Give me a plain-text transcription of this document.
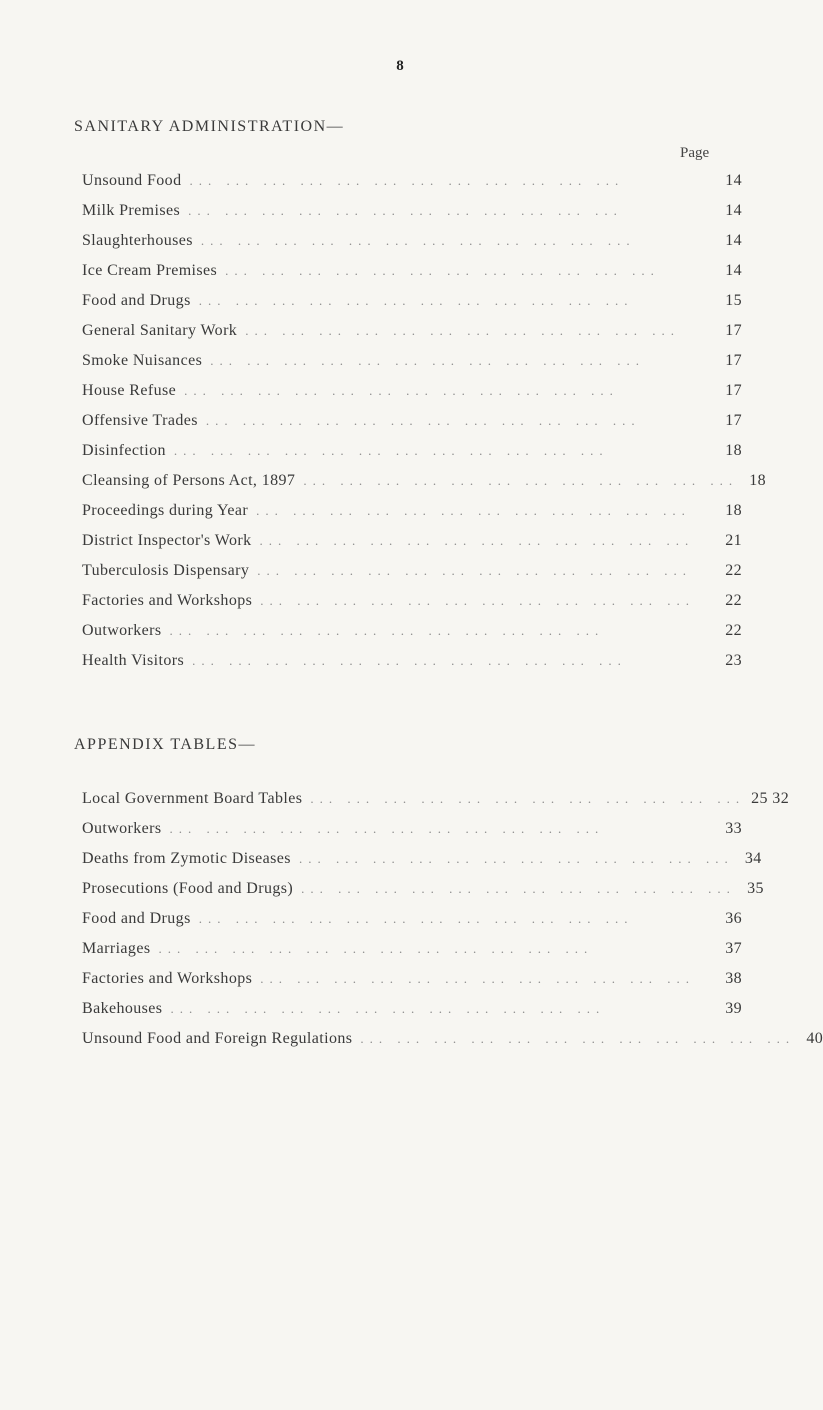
8
SANITARY ADMINISTRATION—
Page
Unsound Food ... ... ... ... ... ... ... ... ... ... ... ...	14
Milk Premises ... ... ... ... ... ... ... ... ... ... ... ...	14
Slaughterhouses ... ... ... ... ... ... ... ... ... ... ... ...	14
Ice Cream Premises ... ... ... ... ... ... ... ... ... ... ... ...	14
Food and Drugs ... ... ... ... ... ... ... ... ... ... ... ...	15
General Sanitary Work ... ... ... ... ... ... ... ... ... ... ... ...	17
Smoke Nuisances ... ... ... ... ... ... ... ... ... ... ... ...	17
House Refuse ... ... ... ... ... ... ... ... ... ... ... ...	17
Offensive Trades ... ... ... ... ... ... ... ... ... ... ... ...	17
Disinfection ... ... ... ... ... ... ... ... ... ... ... ...	18
Cleansing of Persons Act, 1897 ... ... ... ... ... ... ... ... ... ... ... ... 18
Proceedings during Year ... ... ... ... ... ... ... ... ... ... ... ...	18
District Inspector's Work ... ... ... ... ... ... ... ... ... ... ... ...	21
Tuberculosis Dispensary ... ... ... ... ... ... ... ... ... ... ... ...	22
Factories and Workshops ... ... ... ... ... ... ... ... ... ... ... ...	22
Outworkers ... ... ... ... ... ... ... ... ... ... ... ...	22
Health Visitors ... ... ... ... ... ... ... ... ... ... ... ...	23
APPENDIX TABLES—
Local Government Board Tables ... ... ... ... ... ... ... ... ... ... ... ... 25 32
Outworkers ... ... ... ... ... ... ... ... ... ... ... ...	33
Deaths from Zymotic Diseases ... ... ... ... ... ... ... ... ... ... ... ... 34
Prosecutions (Food and Drugs) ... ... ... ... ... ... ... ... ... ... ... ... 35
Food and Drugs ... ... ... ... ... ... ... ... ... ... ... ...	36
Marriages ... ... ... ... ... ... ... ... ... ... ... ...	37
Factories and Workshops ... ... ... ... ... ... ... ... ... ... ... ...	38
Bakehouses ... ... ... ... ... ... ... ... ... ... ... ...	39
Unsound Food and Foreign Regulations ... ... ... ... ... ... ... ... ... ... ... ... 40
